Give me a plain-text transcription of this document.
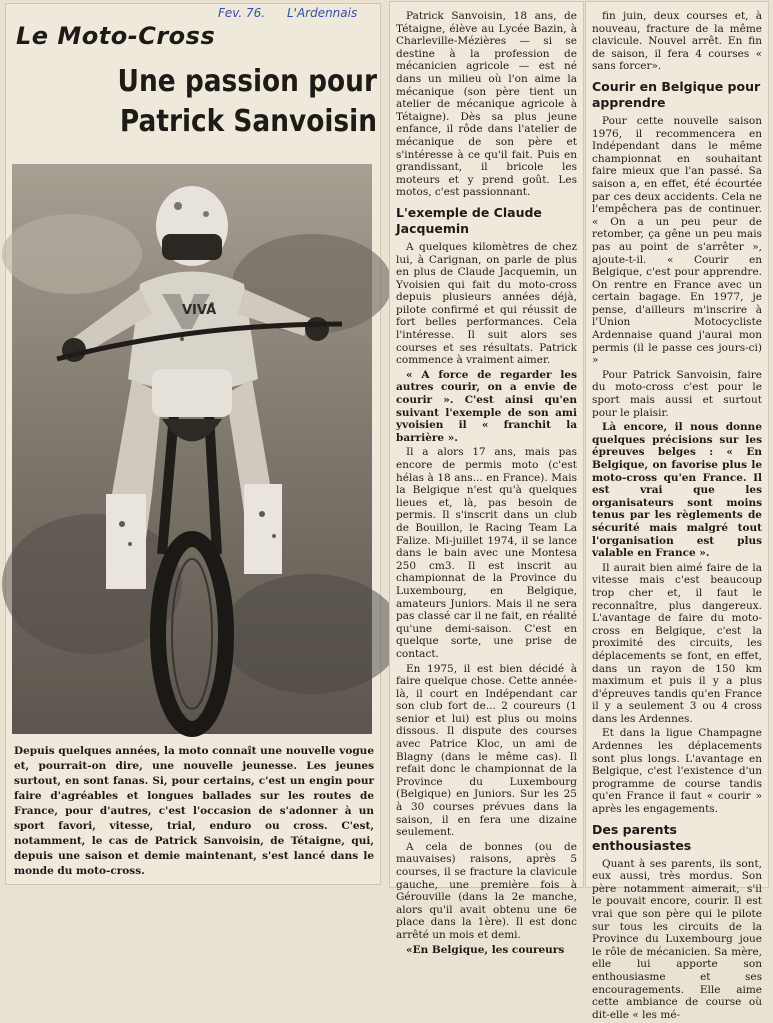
Fev. 76. L'Ardennais
Le Moto-Cross
Une passion pour
Patrick Sanvoisin
VIVA
Depuis quelques années, la moto connaît une nouvelle vogue et, pourrait-on dire, une nouvelle jeunesse. Les jeunes surtout, en sont fanas. Si, pour certains, c'est un engin pour faire d'agréables et longues ballades sur les routes de France, pour d'autres, c'est l'occasion de s'adonner à un sport favori, vitesse, trial, enduro ou cross. C'est, notamment, le cas de Patrick Sanvoisin, de Tétaigne, qui, depuis une saison et demie maintenant, s'est lancé dans le monde du moto-cross.

Patrick Sanvoisin, 18 ans, de Tétaigne, élève au Lycée Bazin, à Charleville-Mézières — si se destine à la profession de mécanicien agricole — est né dans un milieu où l'on aime la mécanique (son père tient un atelier de mécanique agricole à Tétaigne). Dès sa plus jeune enfance, il rôde dans l'atelier de mécanique de son père et s'intéresse à ce qu'il fait. Puis en grandissant, il bricole les moteurs et y prend goût. Les motos, c'est passionnant.

L'exemple de Claude Jacquemin

A quelques kilomètres de chez lui, à Carignan, on parle de plus en plus de Claude Jacquemin, un Yvoisien qui fait du moto-cross depuis plusieurs années déjà, pilote confirmé et qui réussit de fort belles performances. Cela l'intéresse. Il suit alors ses courses et ses résultats. Patrick commence à vraiment aimer.

« A force de regarder les autres courir, on a envie de courir ». C'est ainsi qu'en suivant l'exemple de son ami yvoisien il « franchit la barrière ».

Il a alors 17 ans, mais pas encore de permis moto (c'est hélas à 18 ans... en France). Mais la Belgique n'est qu'à quelques lieues et, là, pas besoin de permis. Il s'inscrit dans un club de Bouillon, le Racing Team La Falize. Mi-juillet 1974, il se lance dans le bain avec une Montesa 250 cm3. Il est inscrit au championnat de la Province du Luxembourg, en Belgique, amateurs Juniors. Mais il ne sera pas classé car il ne fait, en réalité qu'une demi-saison. C'est en quelque sorte, une prise de contact.

En 1975, il est bien décidé à faire quelque chose. Cette année-là, il court en Indépendant car son club fort de... 2 coureurs (1 senior et lui) est plus ou moins dissous. Il dispute des courses avec Patrice Kloc, un ami de Blagny (dans le même cas). Il refait donc le championnat de la Province du Luxembourg (Belgique) en Juniors. Sur les 25 à 30 courses prévues dans la saison, il en fera une dizaine seulement.

A cela de bonnes (ou de mauvaises) raisons, après 5 courses, il se fracture la clavicule gauche, une première fois à Gérouville (dans la 2e manche, alors qu'il avait obtenu une 6e place dans la 1ère). Il est donc arrêté un mois et demi.

«En Belgique, les coureurs

fin juin, deux courses et, à nouveau, fracture de la même clavicule. Nouvel arrêt. En fin de saison, il fera 4 courses « sans forcer».

Courir en Belgique pour apprendre

Pour cette nouvelle saison 1976, il recommencera en Indépendant dans le même championnat en souhaitant faire mieux que l'an passé. Sa saison a, en effet, été écourtée par ces deux accidents. Cela ne l'empêchera pas de continuer. « On a un peu peur de retomber, ça gêne un peu mais pas au point de s'arrêter », ajoute-t-il. « Courir en Belgique, c'est pour apprendre. On rentre en France avec un certain bagage. En 1977, je pense, d'ailleurs m'inscrire à l'Union Motocycliste Ardennaise quand j'aurai mon permis (il le passe ces jours-ci) »

Pour Patrick Sanvoisin, faire du moto-cross c'est pour le sport mais aussi et surtout pour le plaisir.

Là encore, il nous donne quelques précisions sur les épreuves belges : « En Belgique, on favorise plus le moto-cross qu'en France. Il est vrai que les organisateurs sont moins tenus par les règlements de sécurité mais malgré tout l'organisation est plus valable en France ».

Il aurait bien aimé faire de la vitesse mais c'est beaucoup trop cher et, il faut le reconnaître, plus dangereux. L'avantage de faire du moto-cross en Belgique, c'est la proximité des circuits, les déplacements se font, en effet, dans un rayon de 150 km maximum et puis il y a plus d'épreuves tandis qu'en France il y a seulement 3 ou 4 cross dans les Ardennes.

Et dans la ligue Champagne Ardennes les déplacements sont plus longs. L'avantage en Belgique, c'est l'existence d'un programme de course tandis qu'en France il faut « courir » après les engagements.

Des parents enthousiastes

Quant à ses parents, ils sont, eux aussi, très mordus. Son père notamment aimerait, s'il le pouvait encore, courir. Il est vrai que son père qui le pilote sur tous les circuits de la Province du Luxembourg joue le rôle de mécanicien. Sa mère, elle lui apporte son enthousiasme et ses encouragements. Elle aime cette ambiance de course où dit-elle « les mé-
